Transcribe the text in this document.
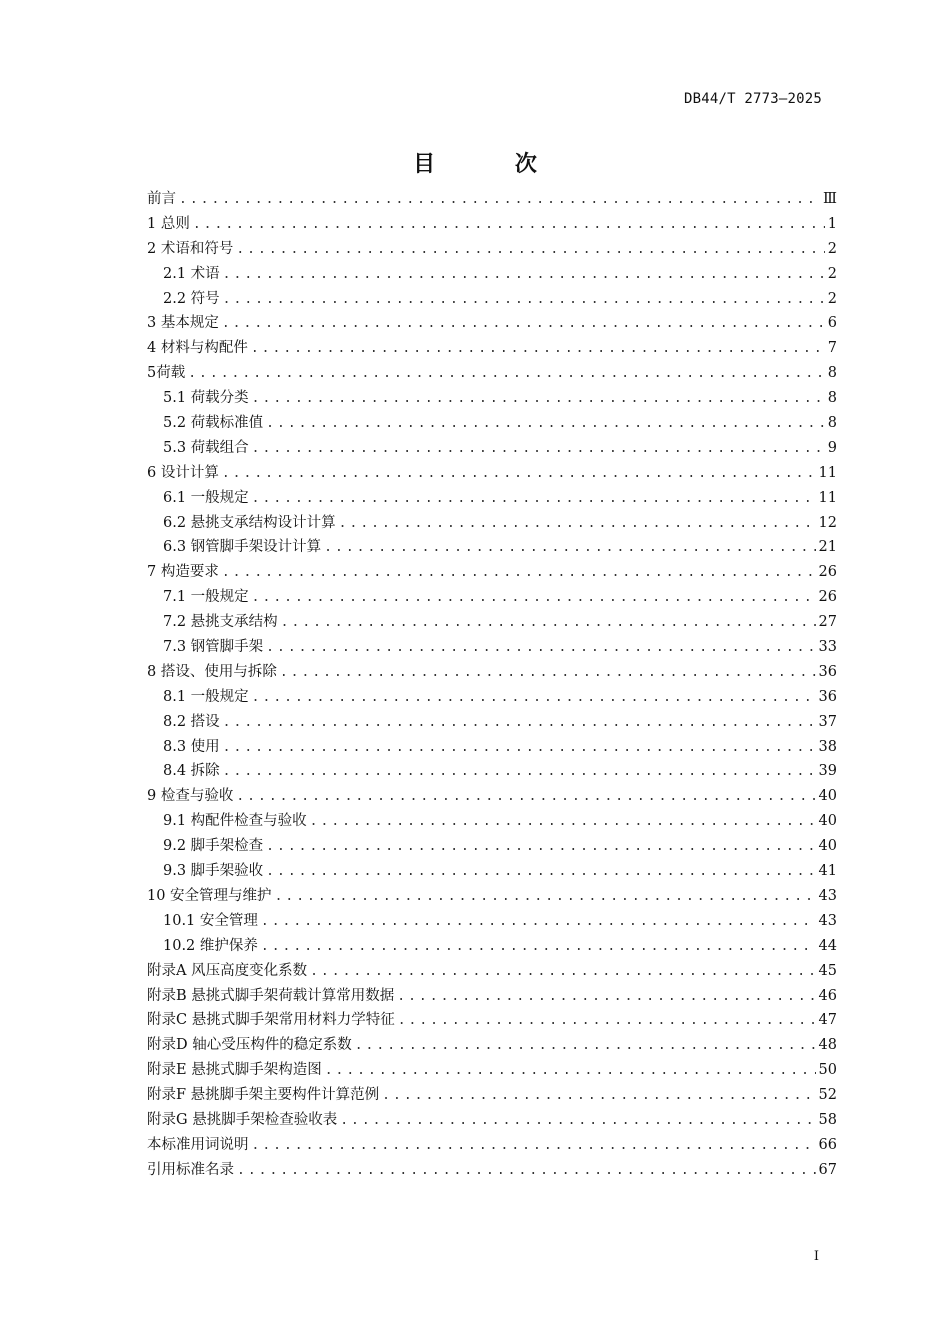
DB44/T 2773—2025
目 次
前言 .....	Ⅲ
1 总则 .....	1
2 术语和符号 .....	2
2.1 术语 .....	2
2.2 符号 .....	2
3 基本规定 .....	6
4 材料与构配件 .....	7
5荷载 .....	8
5.1 荷载分类 .....	8
5.2 荷载标准值 .....	8
5.3 荷载组合 .....	9
6 设计计算 .....	11
6.1 一般规定 .....	11
6.2 悬挑支承结构设计计算 .....	12
6.3 钢管脚手架设计计算 .....	21
7 构造要求 .....	26
7.1 一般规定 .....	26
7.2 悬挑支承结构 .....	27
7.3 钢管脚手架 .....	33
8 搭设、使用与拆除 .....	36
8.1 一般规定 .....	36
8.2 搭设 .....	37
8.3 使用 .....	38
8.4 拆除 .....	39
9 检查与验收 .....	40
9.1 构配件检查与验收 .....	40
9.2 脚手架检查 .....	40
9.3 脚手架验收 .....	41
10 安全管理与维护 .....	43
10.1 安全管理 .....	43
10.2 维护保养 .....	44
附录A 风压高度变化系数 .....	45
附录B 悬挑式脚手架荷载计算常用数据 .....	46
附录C 悬挑式脚手架常用材料力学特征 .....	47
附录D 轴心受压构件的稳定系数 .....	48
附录E 悬挑式脚手架构造图 .....	50
附录F 悬挑脚手架主要构件计算范例 .....	52
附录G 悬挑脚手架检查验收表 .....	58
本标准用词说明 .....	66
引用标准名录 .....	67
I
